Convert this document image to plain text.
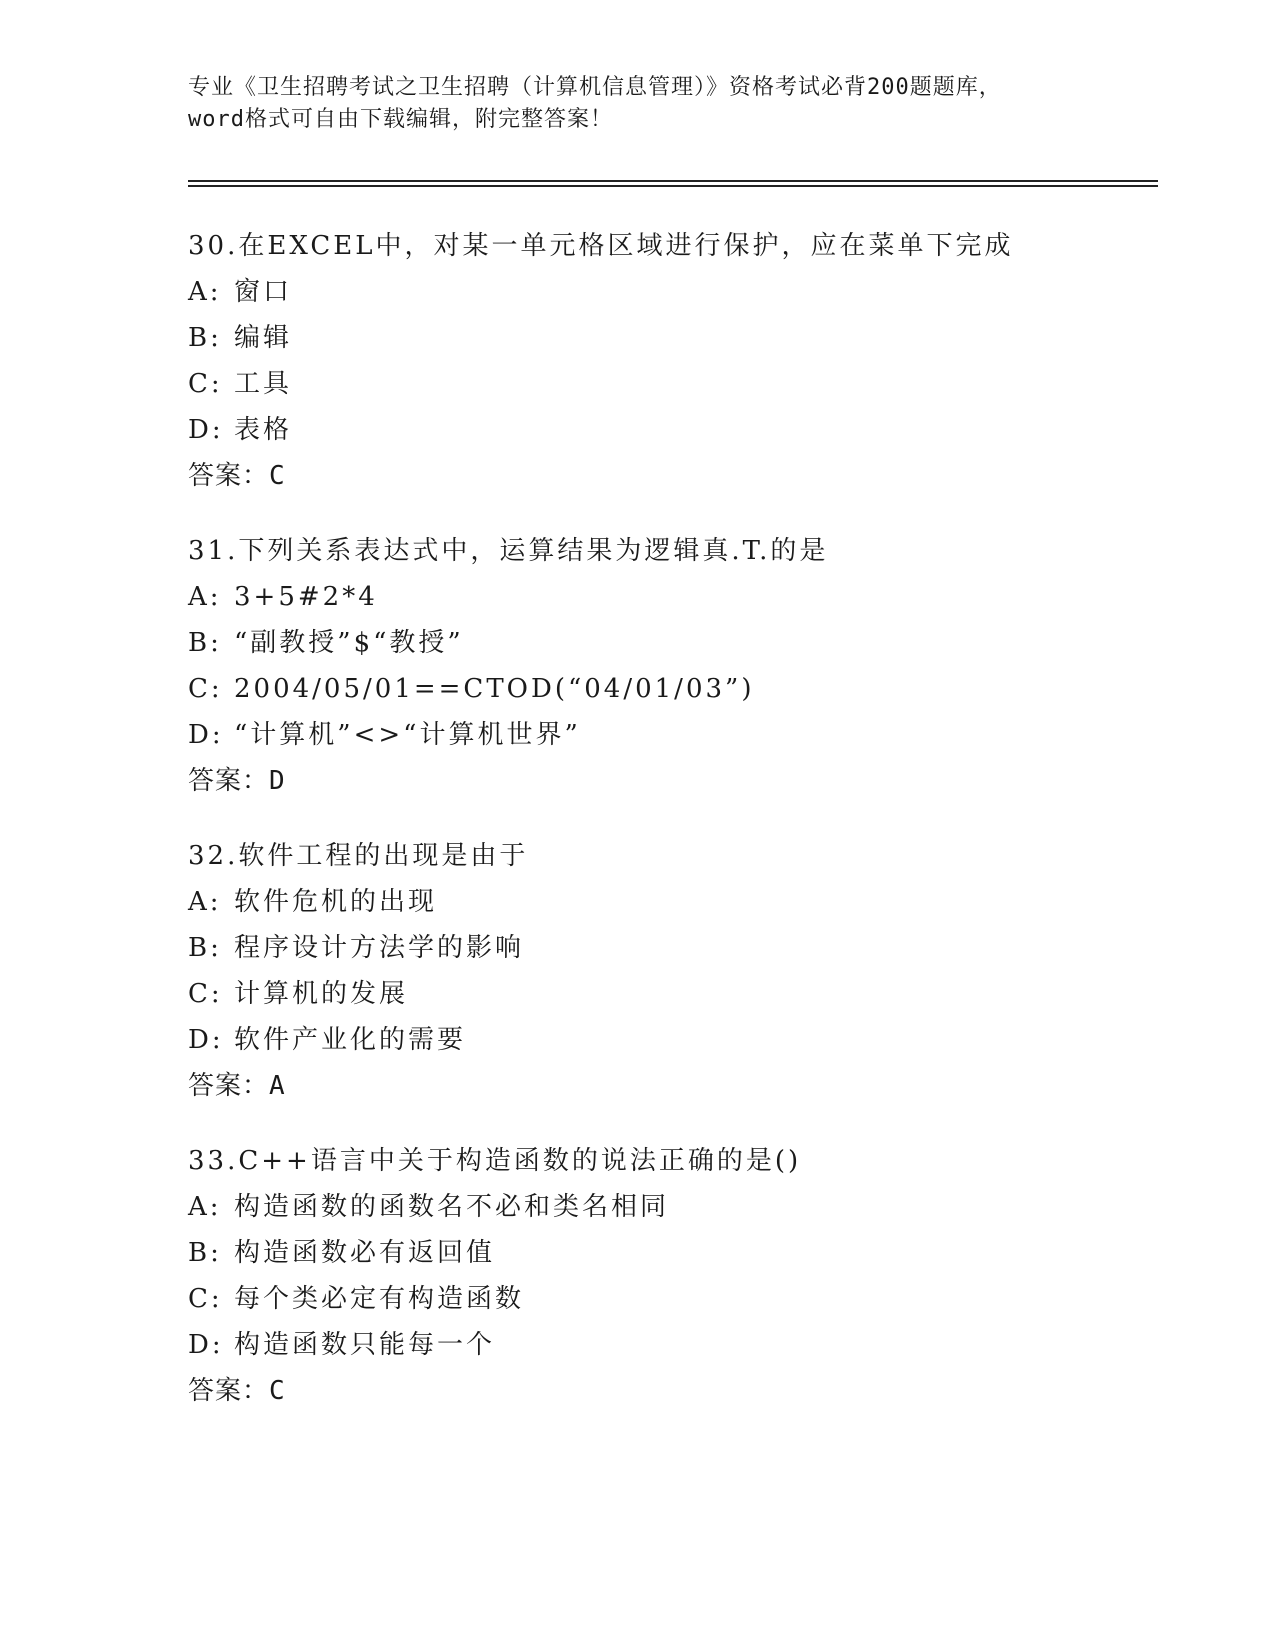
专业《卫生招聘考试之卫生招聘（计算机信息管理）》资格考试必背200题题库，
word格式可自由下载编辑，附完整答案！
30.在EXCEL中，对某一单元格区域进行保护，应在菜单下完成
A: 窗口
B: 编辑
C: 工具
D: 表格
答案：C
31.下列关系表达式中，运算结果为逻辑真.T.的是
A: 3+5#2*4
B: “副教授”$“教授”
C: 2004/05/01==CTOD(“04/01/03”)
D: “计算机”<>“计算机世界”
答案：D
32.软件工程的出现是由于
A: 软件危机的出现
B: 程序设计方法学的影响
C: 计算机的发展
D: 软件产业化的需要
答案：A
33.C++语言中关于构造函数的说法正确的是()
A: 构造函数的函数名不必和类名相同
B: 构造函数必有返回值
C: 每个类必定有构造函数
D: 构造函数只能每一个
答案：C
